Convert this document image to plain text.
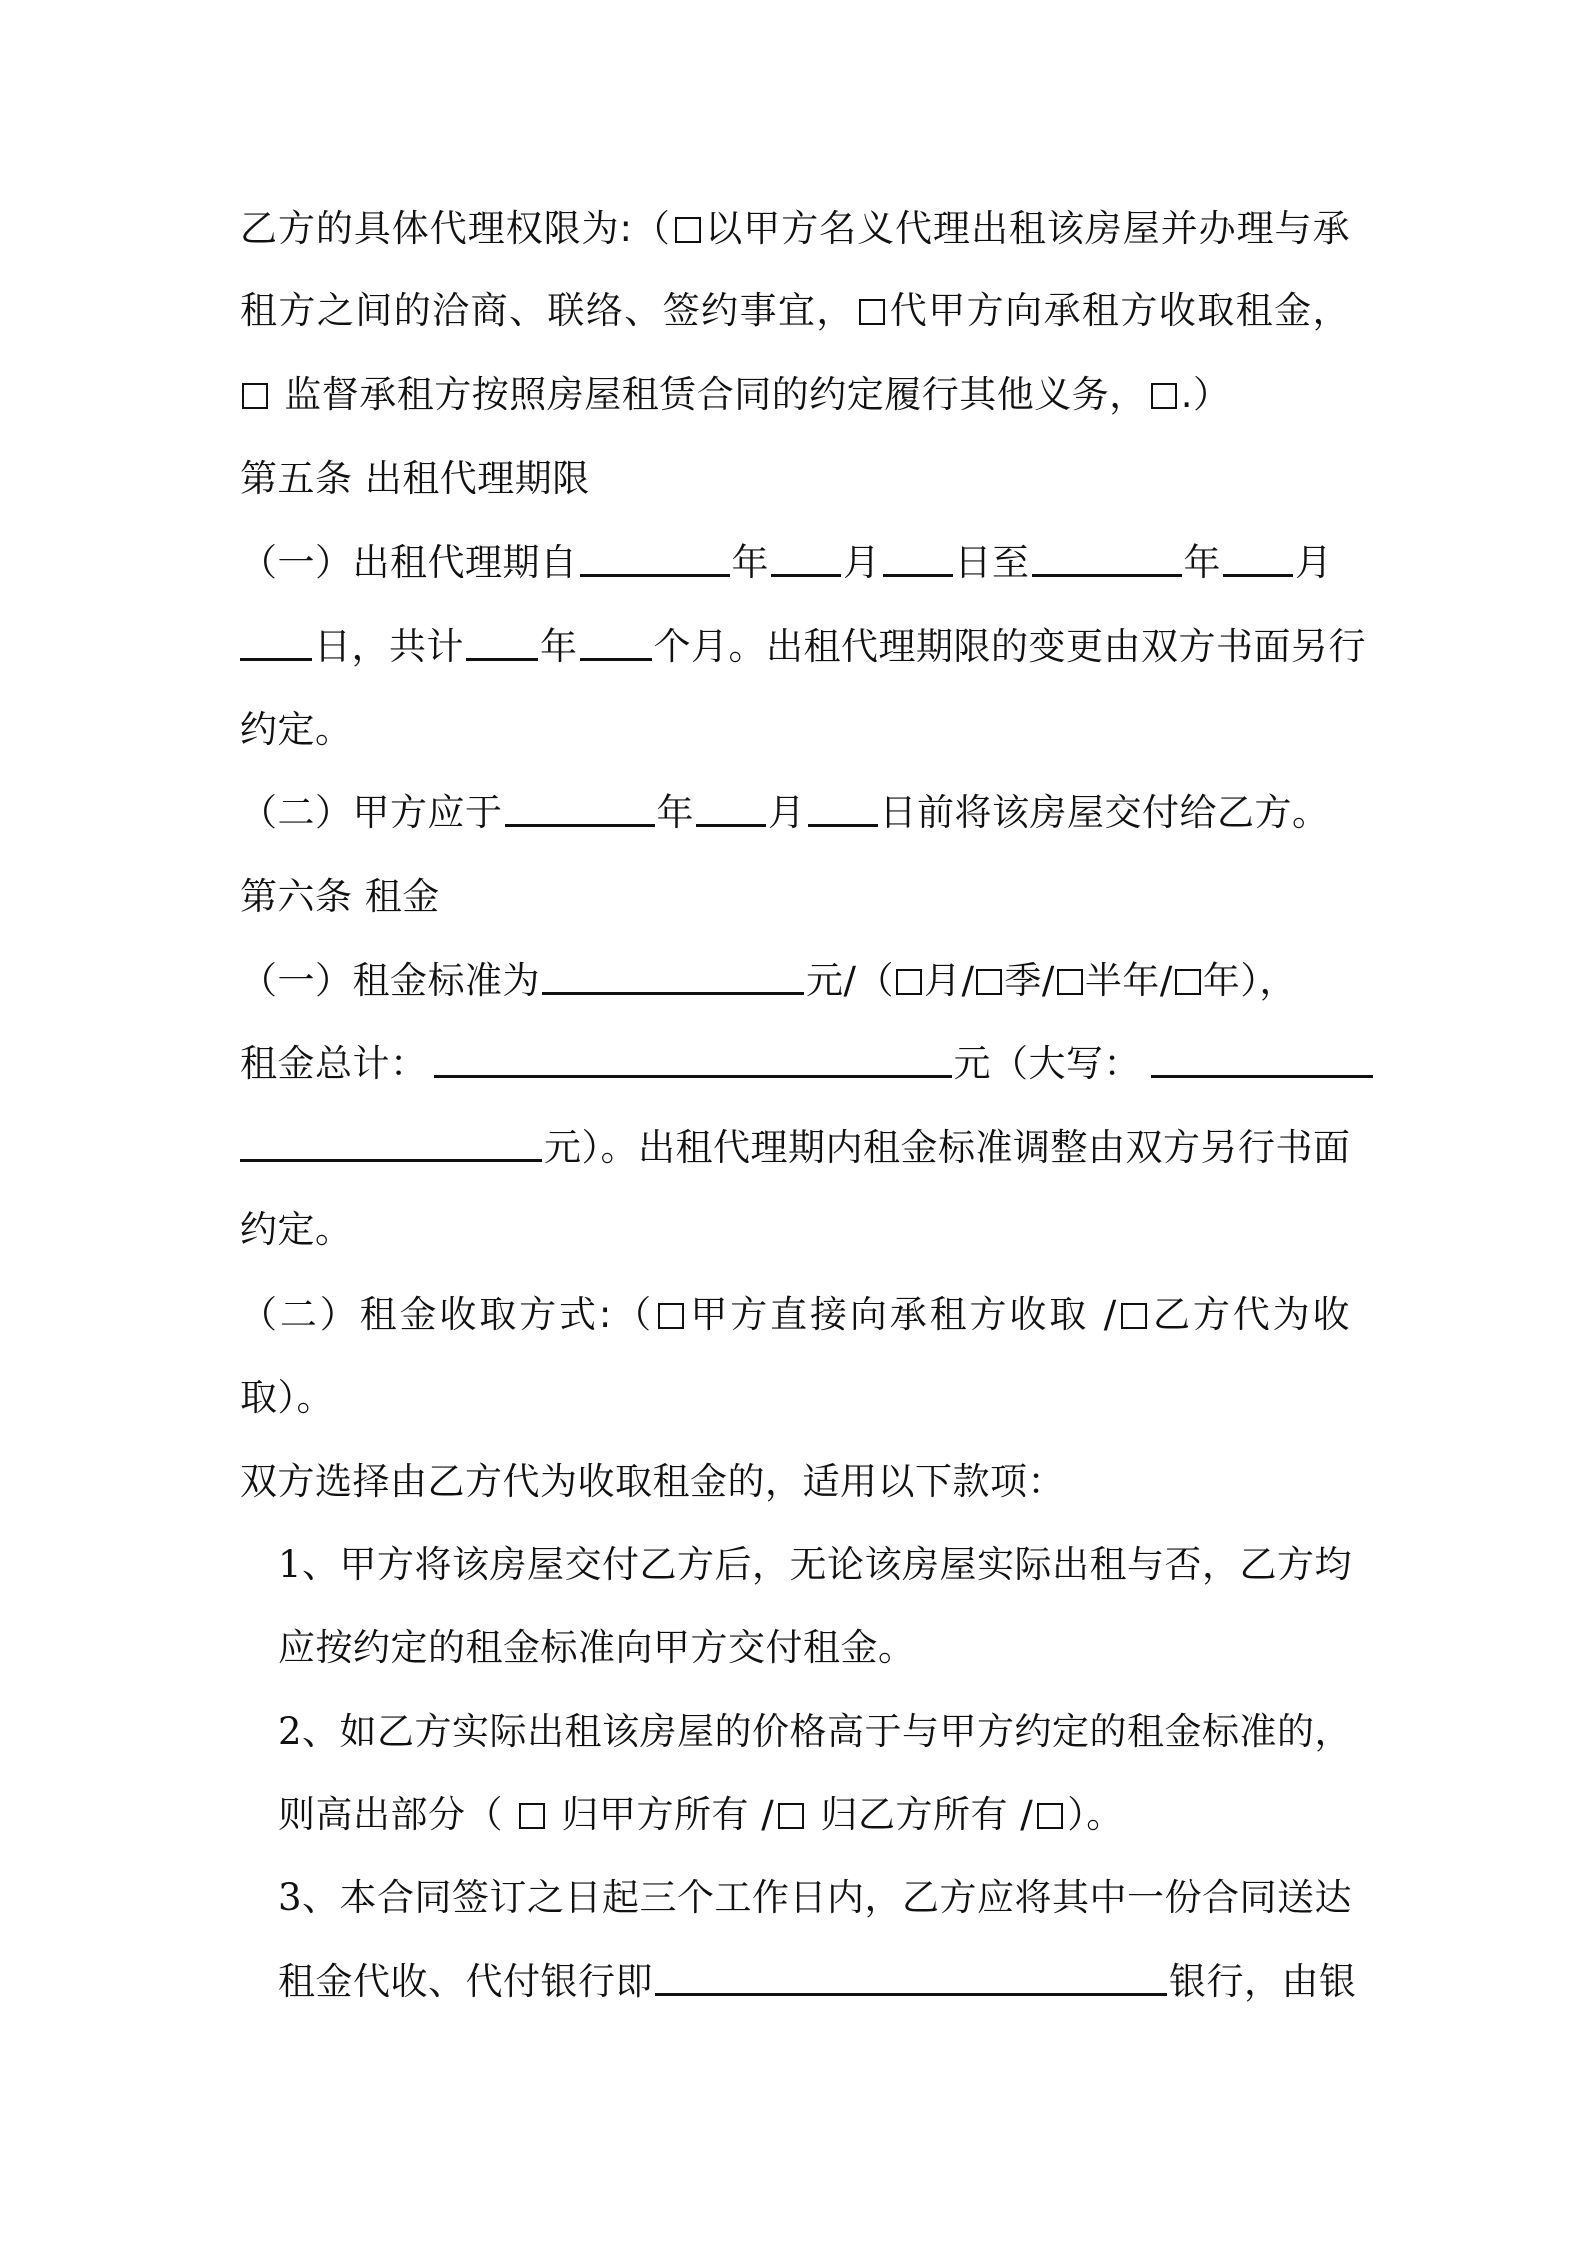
乙方的具体代理权限为:（ 以甲方名义代理出租该房屋并办理与承
租方之间的洽商、联络、签约事宜， 代甲方向承租方收取租金，
监督承租方按照房屋租赁合同的约定履行其他义务， .）
第五条 出租代理期限
（一）出租代理期自	年 月 日至	年 月
日，共计 年 个月。出租代理期限的变更由双方书面另行
约定。
（二）甲方应于	年 月 日前将该房屋交付给乙方。
第六条 租金
（一）租金标准为	元/（ 月/ 季/ 半年/ 年），
租金总计：	元（大写：
元）。出租代理期内租金标准调整由双方另行书面
约定。
（二）租金收取方式:（ 甲方直接向承租方收取 / 乙方代为收
取）。
双方选择由乙方代为收取租金的，适用以下款项：
1、甲方将该房屋交付乙方后，无论该房屋实际出租与否，乙方均
应按约定的租金标准向甲方交付租金。
2、如乙方实际出租该房屋的价格高于与甲方约定的租金标准的，
则高出部分（ 归甲方所有 / 归乙方所有 / ）。
3、本合同签订之日起三个工作日内，乙方应将其中一份合同送达
租金代收、代付银行即	银行，由银
